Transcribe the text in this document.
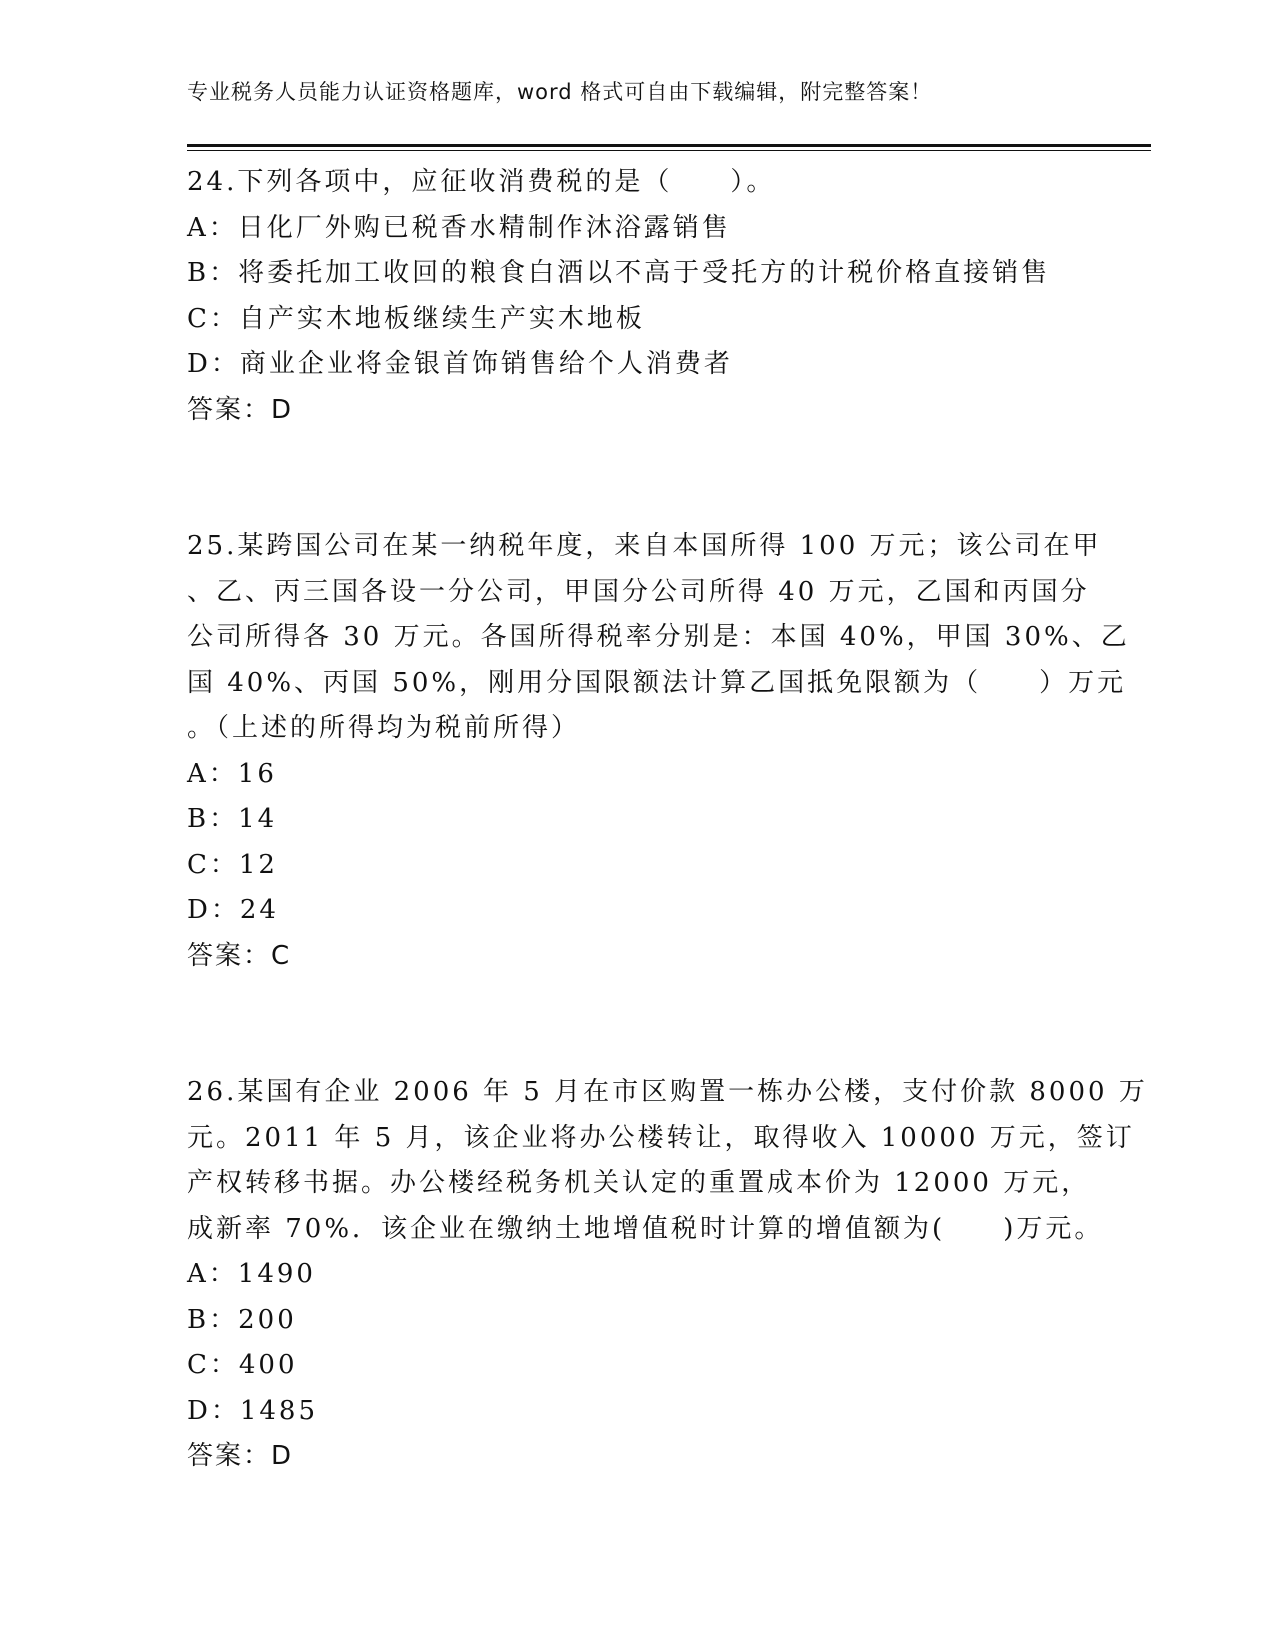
专业税务人员能力认证资格题库，word 格式可自由下载编辑，附完整答案！
24.下列各项中，应征收消费税的是（　　）。
A：日化厂外购已税香水精制作沐浴露销售
B：将委托加工收回的粮食白酒以不高于受托方的计税价格直接销售
C：自产实木地板继续生产实木地板
D：商业企业将金银首饰销售给个人消费者
答案：D
25.某跨国公司在某一纳税年度，来自本国所得 100 万元；该公司在甲
、乙、丙三国各设一分公司，甲国分公司所得 40 万元，乙国和丙国分
公司所得各 30 万元。各国所得税率分别是：本国 40%，甲国 30%、乙
国 40%、丙国 50%，刚用分国限额法计算乙国抵免限额为（　　）万元
。（上述的所得均为税前所得）
A：16
B：14
C：12
D：24
答案：C
26.某国有企业 2006 年 5 月在市区购置一栋办公楼，支付价款 8000 万
元。2011 年 5 月，该企业将办公楼转让，取得收入 10000 万元，签订
产权转移书据。办公楼经税务机关认定的重置成本价为 12000 万元，
成新率 70%．该企业在缴纳土地增值税时计算的增值额为(　　)万元。
A：1490
B：200
C：400
D：1485
答案：D
